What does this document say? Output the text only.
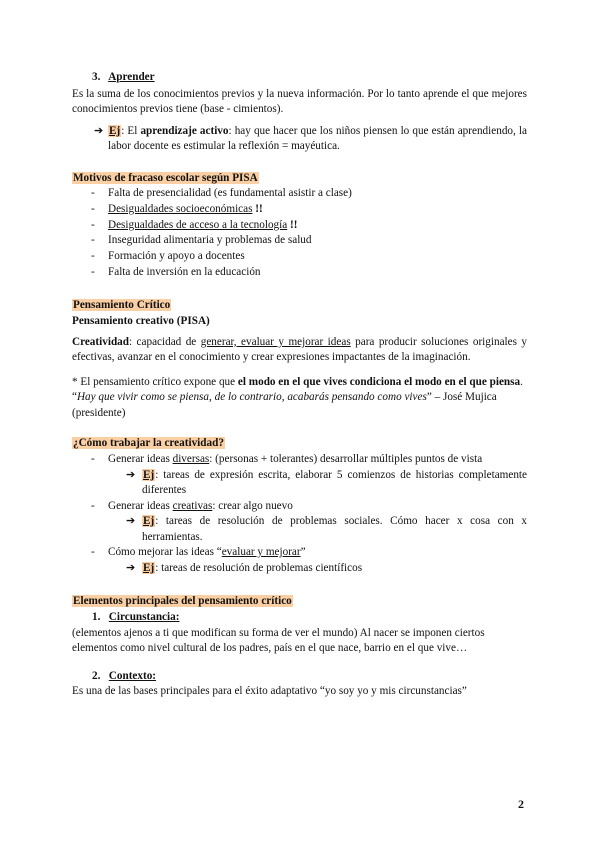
3. Aprender

Es la suma de los conocimientos previos y la nueva información. Por lo tanto aprende el que mejores conocimientos previos tiene (base - cimientos).

➔ Ej: El aprendizaje activo: hay que hacer que los niños piensen lo que están aprendiendo, la labor docente es estimular la reflexión = mayéutica.

Motivos de fracaso escolar según PISA

-	Falta de presencialidad (es fundamental asistir a clase)
-	Desigualdades socioeconómicas !!
-	Desigualdades de acceso a la tecnología !!
-	Inseguridad alimentaria y problemas de salud
-	Formación y apoyo a docentes
-	Falta de inversión en la educación

Pensamiento Crítico

Pensamiento creativo (PISA)

Creatividad: capacidad de generar, evaluar y mejorar ideas para producir soluciones originales y efectivas, avanzar en el conocimiento y crear expresiones impactantes de la imaginación.

* El pensamiento crítico expone que el modo en el que vives condiciona el modo en el que piensa. “Hay que vivir como se piensa, de lo contrario, acabarás pensando como vives” – José Mujica (presidente)

¿Cómo trabajar la creatividad?

-	Generar ideas diversas: (personas + tolerantes) desarrollar múltiples puntos de vista
➔ Ej: tareas de expresión escrita, elaborar 5 comienzos de historias completamente diferentes
-	Generar ideas creativas: crear algo nuevo
➔ Ej: tareas de resolución de problemas sociales. Cómo hacer x cosa con x herramientas.
-	Cómo mejorar las ideas “evaluar y mejorar”
➔ Ej: tareas de resolución de problemas científicos

Elementos principales del pensamiento crítico

1. Circunstancia:

(elementos ajenos a ti que modifican su forma de ver el mundo) Al nacer se imponen ciertos elementos como nivel cultural de los padres, país en el que nace, barrio en el que vive…

2. Contexto:

Es una de las bases principales para el éxito adaptativo “yo soy yo y mis circunstancias”

2
